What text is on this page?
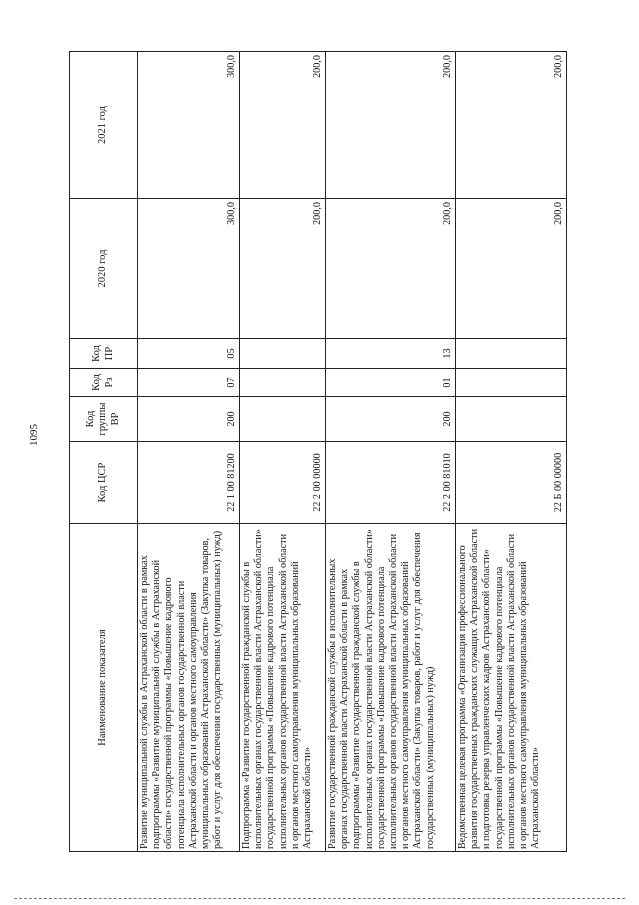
1095
Наименование показателя	Код ЦСР	Код группы ВР	Код Рз	Код ПР	2020 год	2021 год
Развитие муниципальной службы в Астраханской области в рамках подпрограммы «Развитие муниципальной службы в Астраханской области» государственной программы «Повышение кадрового потенциала исполнительных органов государственной власти Астраханской области и органов местного самоуправления муниципальных образований Астраханской области» (Закупка товаров, работ и услуг для обеспечения государственных (муниципальных) нужд)	22 1 00 81200	200	07	05	300,0	300,0
Подпрограмма «Развитие государственной гражданской службы в исполнительных органах государственной власти Астраханской области» государственной программы «Повышение кадрового потенциала исполнительных органов государственной власти Астраханской области и органов местного самоуправления муниципальных образований Астраханской области»	22 2 00 00000				200,0	200,0
Развитие государственной гражданской службы в исполнительных органах государственной власти Астраханской области в рамках подпрограммы «Развитие государственной гражданской службы в исполнительных органах государственной власти Астраханской области» государственной программы «Повышение кадрового потенциала исполнительных органов государственной власти Астраханской области и органов местного самоуправления муниципальных образований Астраханской области» (Закупка товаров, работ и услуг для обеспечения государственных (муниципальных) нужд)	22 2 00 81010	200	01	13	200,0	200,0
Ведомственная целевая программа «Организация профессионального развития государственных гражданских служащих Астраханской области и подготовка резерва управленческих кадров Астраханской области» государственной программы «Повышение кадрового потенциала исполнительных органов государственной власти Астраханской области и органов местного самоуправления муниципальных образований Астраханской области»	22 Б 00 00000				200,0	200,0
